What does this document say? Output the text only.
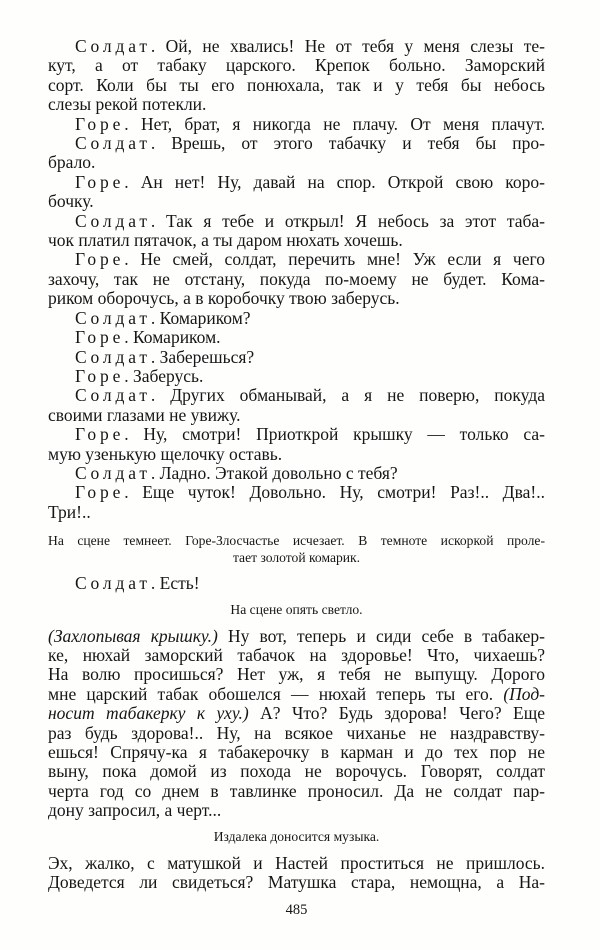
Солдат. Ой, не хвались! Не от тебя у меня слезы те-
кут, а от табаку царского. Крепок больно. Заморский
сорт. Коли бы ты его понюхала, так и у тебя бы небось
слезы рекой потекли.
Горе. Нет, брат, я никогда не плачу. От меня плачут.
Солдат. Врешь, от этого табачку и тебя бы про-
брало.
Горе. Ан нет! Ну, давай на спор. Открой свою коро-
бочку.
Солдат. Так я тебе и открыл! Я небось за этот таба-
чок платил пятачок, а ты даром нюхать хочешь.
Горе. Не смей, солдат, перечить мне! Уж если я чего
захочу, так не отстану, покуда по-моему не будет. Кома-
риком оборочусь, а в коробочку твою заберусь.
Солдат. Комариком?
Горе. Комариком.
Солдат. Заберешься?
Горе. Заберусь.
Солдат. Других обманывай, а я не поверю, покуда
своими глазами не увижу.
Горе. Ну, смотри! Приоткрой крышку — только са-
мую узенькую щелочку оставь.
Солдат. Ладно. Этакой довольно с тебя?
Горе. Еще чуток! Довольно. Ну, смотри! Раз!.. Два!..
Три!..
На сцене темнеет. Горе-Злосчастье исчезает. В темноте искоркой проле-
тает золотой комарик.
Солдат. Есть!
На сцене опять светло.
(Захлопывая крышку.) Ну вот, теперь и сиди себе в табакер-
ке, нюхай заморский табачок на здоровье! Что, чихаешь?
На волю просишься? Нет уж, я тебя не выпущу. Дорого
мне царский табак обошелся — нюхай теперь ты его. (Под-
носит табакерку к уху.) А? Что? Будь здорова! Чего? Еще
раз будь здорова!.. Ну, на всякое чиханье не наздравству-
ешься! Спрячу-ка я табакерочку в карман и до тех пор не
выну, пока домой из похода не ворочусь. Говорят, солдат
черта год со днем в тавлинке проносил. Да не солдат пар-
дону запросил, а черт...
Издалека доносится музыка.
Эх, жалко, с матушкой и Настей проститься не пришлось.
Доведется ли свидеться? Матушка стара, немощна, а На-
485
